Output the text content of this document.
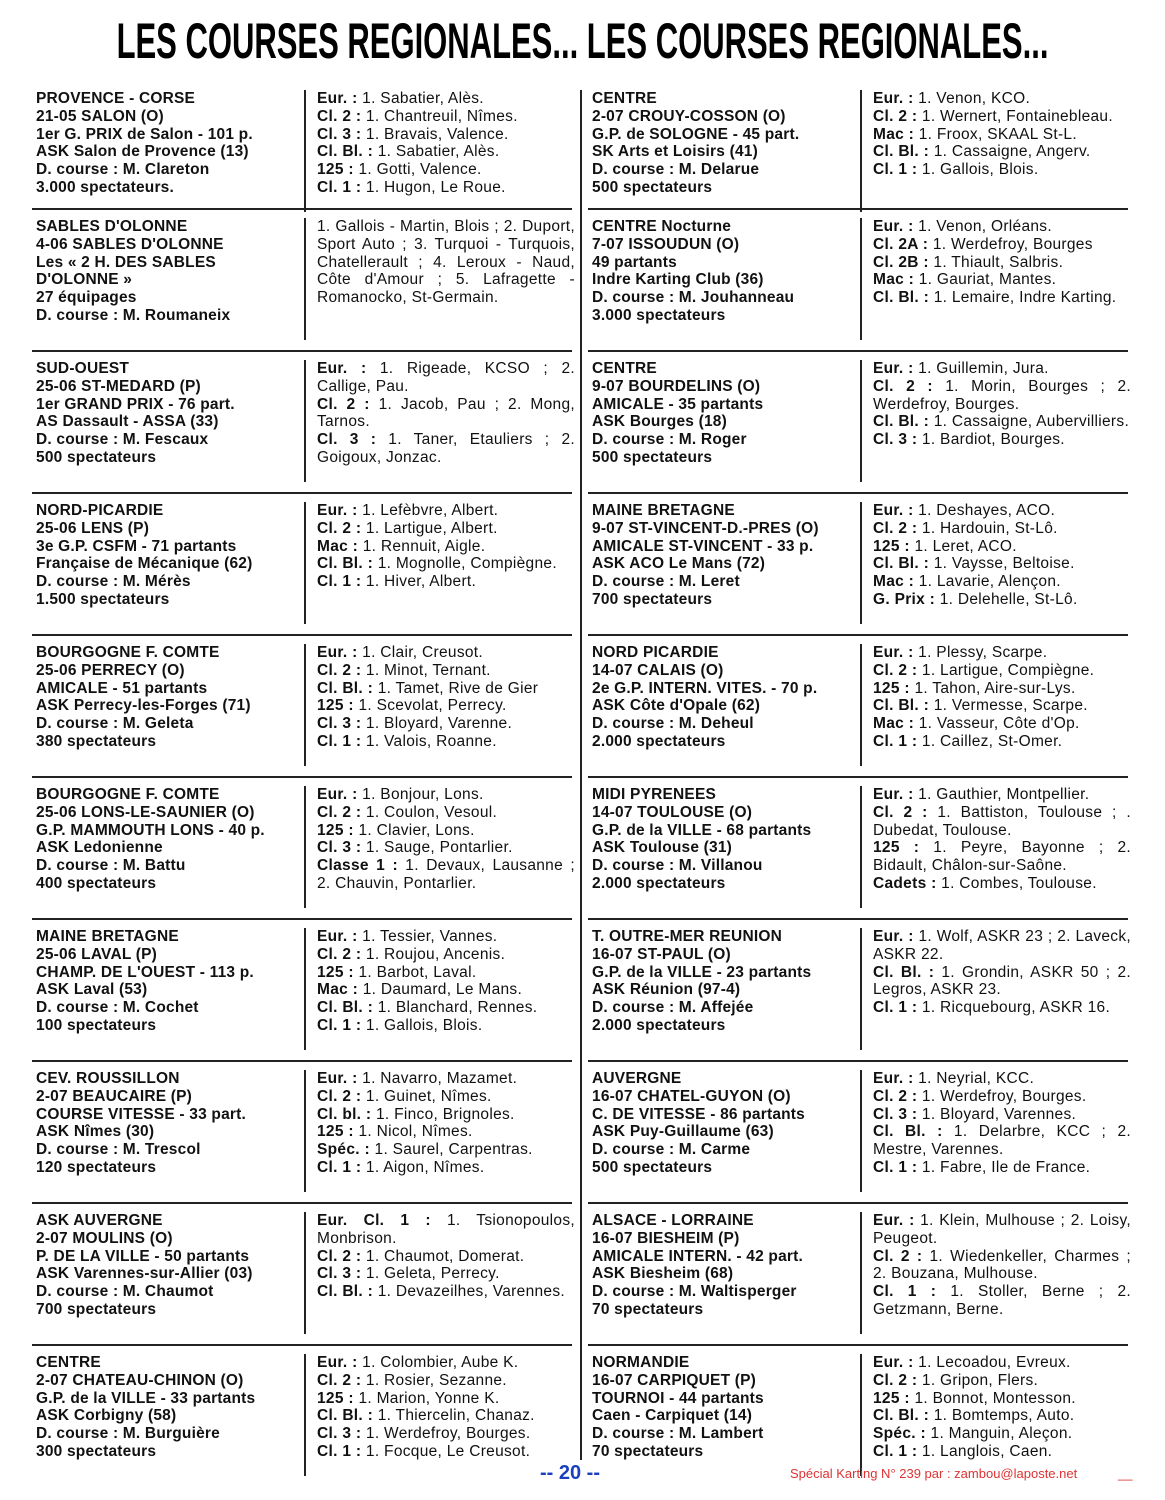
LES COURSES REGIONALES... LES COURSES REGIONALES...
PROVENCE - CORSE
21-05 SALON (O)
1er G. PRIX de Salon - 101 p.
ASK Salon de Provence (13)
D. course : M. Clareton
3.000 spectateurs.
Eur. : 1. Sabatier, Alès.
Cl. 2 : 1. Chantreuil, Nîmes.
Cl. 3 : 1. Bravais, Valence.
Cl. Bl. : 1. Sabatier, Alès.
125 : 1. Gotti, Valence.
Cl. 1 : 1. Hugon, Le Roue.
SABLES D'OLONNE
4-06 SABLES D'OLONNE
Les « 2 H. DES SABLES
D'OLONNE »
27 équipages
D. course : M. Roumaneix
1. Gallois - Martin, Blois ; 2. Duport, Sport Auto ; 3. Turquoi - Turquois, Chatellerault ; 4. Leroux - Naud, Côte d'Amour ; 5. Lafragette - Romanocko, St-Germain.
SUD-OUEST
25-06 ST-MEDARD (P)
1er GRAND PRIX - 76 part.
AS Dassault - ASSA (33)
D. course : M. Fescaux
500 spectateurs
Eur. : 1. Rigeade, KCSO ; 2. Callige, Pau.
Cl. 2 : 1. Jacob, Pau ; 2. Mong, Tarnos.
Cl. 3 : 1. Taner, Etauliers ; 2. Goigoux, Jonzac.
NORD-PICARDIE
25-06 LENS (P)
3e G.P. CSFM - 71 partants
Française de Mécanique (62)
D. course : M. Mérès
1.500 spectateurs
Eur. : 1. Lefèbvre, Albert.
Cl. 2 : 1. Lartigue, Albert.
Mac : 1. Rennuit, Aigle.
Cl. Bl. : 1. Mognolle, Compiègne.
Cl. 1 : 1. Hiver, Albert.
BOURGOGNE F. COMTE
25-06 PERRECY (O)
AMICALE - 51 partants
ASK Perrecy-les-Forges (71)
D. course : M. Geleta
380 spectateurs
Eur. : 1. Clair, Creusot.
Cl. 2 : 1. Minot, Ternant.
Cl. Bl. : 1. Tamet, Rive de Gier
125 : 1. Scevolat, Perrecy.
Cl. 3 : 1. Bloyard, Varenne.
Cl. 1 : 1. Valois, Roanne.
BOURGOGNE F. COMTE
25-06 LONS-LE-SAUNIER (O)
G.P. MAMMOUTH LONS - 40 p.
ASK Ledonienne
D. course : M. Battu
400 spectateurs
Eur. : 1. Bonjour, Lons.
Cl. 2 : 1. Coulon, Vesoul.
125 : 1. Clavier, Lons.
Cl. 3 : 1. Sauge, Pontarlier.
Classe 1 : 1. Devaux, Lausanne ; 2. Chauvin, Pontarlier.
MAINE BRETAGNE
25-06 LAVAL (P)
CHAMP. DE L'OUEST - 113 p.
ASK Laval (53)
D. course : M. Cochet
100 spectateurs
Eur. : 1. Tessier, Vannes.
Cl. 2 : 1. Roujou, Ancenis.
125 : 1. Barbot, Laval.
Mac : 1. Daumard, Le Mans.
Cl. Bl. : 1. Blanchard, Rennes.
Cl. 1 : 1. Gallois, Blois.
CEV. ROUSSILLON
2-07 BEAUCAIRE (P)
COURSE VITESSE - 33 part.
ASK Nîmes (30)
D. course : M. Trescol
120 spectateurs
Eur. : 1. Navarro, Mazamet.
Cl. 2 : 1. Guinet, Nîmes.
Cl. bl. : 1. Finco, Brignoles.
125 : 1. Nicol, Nîmes.
Spéc. : 1. Saurel, Carpentras.
Cl. 1 : 1. Aigon, Nîmes.
ASK AUVERGNE
2-07 MOULINS (O)
P. DE LA VILLE - 50 partants
ASK Varennes-sur-Allier (03)
D. course : M. Chaumot
700 spectateurs
Eur. Cl. 1 : 1. Tsionopoulos, Monbrison.
Cl. 2 : 1. Chaumot, Domerat.
Cl. 3 : 1. Geleta, Perrecy.
Cl. Bl. : 1. Devazeilhes, Varennes.
CENTRE
2-07 CHATEAU-CHINON (O)
G.P. de la VILLE - 33 partants
ASK Corbigny (58)
D. course : M. Burguière
300 spectateurs
Eur. : 1. Colombier, Aube K.
Cl. 2 : 1. Rosier, Sezanne.
125 : 1. Marion, Yonne K.
Cl. Bl. : 1. Thiercelin, Chanaz.
Cl. 3 : 1. Werdefroy, Bourges.
Cl. 1 : 1. Focque, Le Creusot.
CENTRE
2-07 CROUY-COSSON (O)
G.P. de SOLOGNE - 45 part.
SK Arts et Loisirs (41)
D. course : M. Delarue
500 spectateurs
Eur. : 1. Venon, KCO.
Cl. 2 : 1. Wernert, Fontainebleau.
Mac : 1. Froox, SKAAL St-L.
Cl. Bl. : 1. Cassaigne, Angerv.
Cl. 1 : 1. Gallois, Blois.
CENTRE Nocturne
7-07 ISSOUDUN (O)
49 partants
Indre Karting Club (36)
D. course : M. Jouhanneau
3.000 spectateurs
Eur. : 1. Venon, Orléans.
Cl. 2A : 1. Werdefroy, Bourges
Cl. 2B : 1. Thiault, Salbris.
Mac : 1. Gauriat, Mantes.
Cl. Bl. : 1. Lemaire, Indre Karting.
CENTRE
9-07 BOURDELINS (O)
AMICALE - 35 partants
ASK Bourges (18)
D. course : M. Roger
500 spectateurs
Eur. : 1. Guillemin, Jura.
Cl. 2 : 1. Morin, Bourges ; 2. Werdefroy, Bourges.
Cl. Bl. : 1. Cassaigne, Aubervilliers.
Cl. 3 : 1. Bardiot, Bourges.
MAINE BRETAGNE
9-07 ST-VINCENT-D.-PRES (O)
AMICALE ST-VINCENT - 33 p.
ASK ACO Le Mans (72)
D. course : M. Leret
700 spectateurs
Eur. : 1. Deshayes, ACO.
Cl. 2 : 1. Hardouin, St-Lô.
125 : 1. Leret, ACO.
Cl. Bl. : 1. Vaysse, Beltoise.
Mac : 1. Lavarie, Alençon.
G. Prix : 1. Delehelle, St-Lô.
NORD PICARDIE
14-07 CALAIS (O)
2e G.P. INTERN. VITES. - 70 p.
ASK Côte d'Opale (62)
D. course : M. Deheul
2.000 spectateurs
Eur. : 1. Plessy, Scarpe.
Cl. 2 : 1. Lartigue, Compiègne.
125 : 1. Tahon, Aire-sur-Lys.
Cl. Bl. : 1. Vermesse, Scarpe.
Mac : 1. Vasseur, Côte d'Op.
Cl. 1 : 1. Caillez, St-Omer.
MIDI PYRENEES
14-07 TOULOUSE (O)
G.P. de la VILLE - 68 partants
ASK Toulouse (31)
D. course : M. Villanou
2.000 spectateurs
Eur. : 1. Gauthier, Montpellier.
Cl. 2 : 1. Battiston, Toulouse ; . Dubedat, Toulouse.
125 : 1. Peyre, Bayonne ; 2. Bidault, Châlon-sur-Saône.
Cadets : 1. Combes, Toulouse.
T. OUTRE-MER REUNION
16-07 ST-PAUL (O)
G.P. de la VILLE - 23 partants
ASK Réunion (97-4)
D. course : M. Affejée
2.000 spectateurs
Eur. : 1. Wolf, ASKR 23 ; 2. Laveck, ASKR 22.
Cl. Bl. : 1. Grondin, ASKR 50 ; 2. Legros, ASKR 23.
Cl. 1 : 1. Ricquebourg, ASKR 16.
AUVERGNE
16-07 CHATEL-GUYON (O)
C. DE VITESSE - 86 partants
ASK Puy-Guillaume (63)
D. course : M. Carme
500 spectateurs
Eur. : 1. Neyrial, KCC.
Cl. 2 : 1. Werdefroy, Bourges.
Cl. 3 : 1. Bloyard, Varennes.
Cl. Bl. : 1. Delarbre, KCC ; 2. Mestre, Varennes.
Cl. 1 : 1. Fabre, Ile de France.
ALSACE - LORRAINE
16-07 BIESHEIM (P)
AMICALE INTERN. - 42 part.
ASK Biesheim (68)
D. course : M. Waltisperger
70 spectateurs
Eur. : 1. Klein, Mulhouse ; 2. Loisy, Peugeot.
Cl. 2 : 1. Wiedenkeller, Charmes ; 2. Bouzana, Mulhouse.
Cl. 1 : 1. Stoller, Berne ; 2. Getzmann, Berne.
NORMANDIE
16-07 CARPIQUET (P)
TOURNOI - 44 partants
Caen - Carpiquet (14)
D. course : M. Lambert
70 spectateurs
Eur. : 1. Lecoadou, Evreux.
Cl. 2 : 1. Gripon, Flers.
125 : 1. Bonnot, Montesson.
Cl. Bl. : 1. Bomtemps, Auto.
Spéc. : 1. Manguin, Aleçon.
Cl. 1 : 1. Langlois, Caen.
-- 20 --	Spécial Karting N° 239 par : zambou@laposte.net	__
